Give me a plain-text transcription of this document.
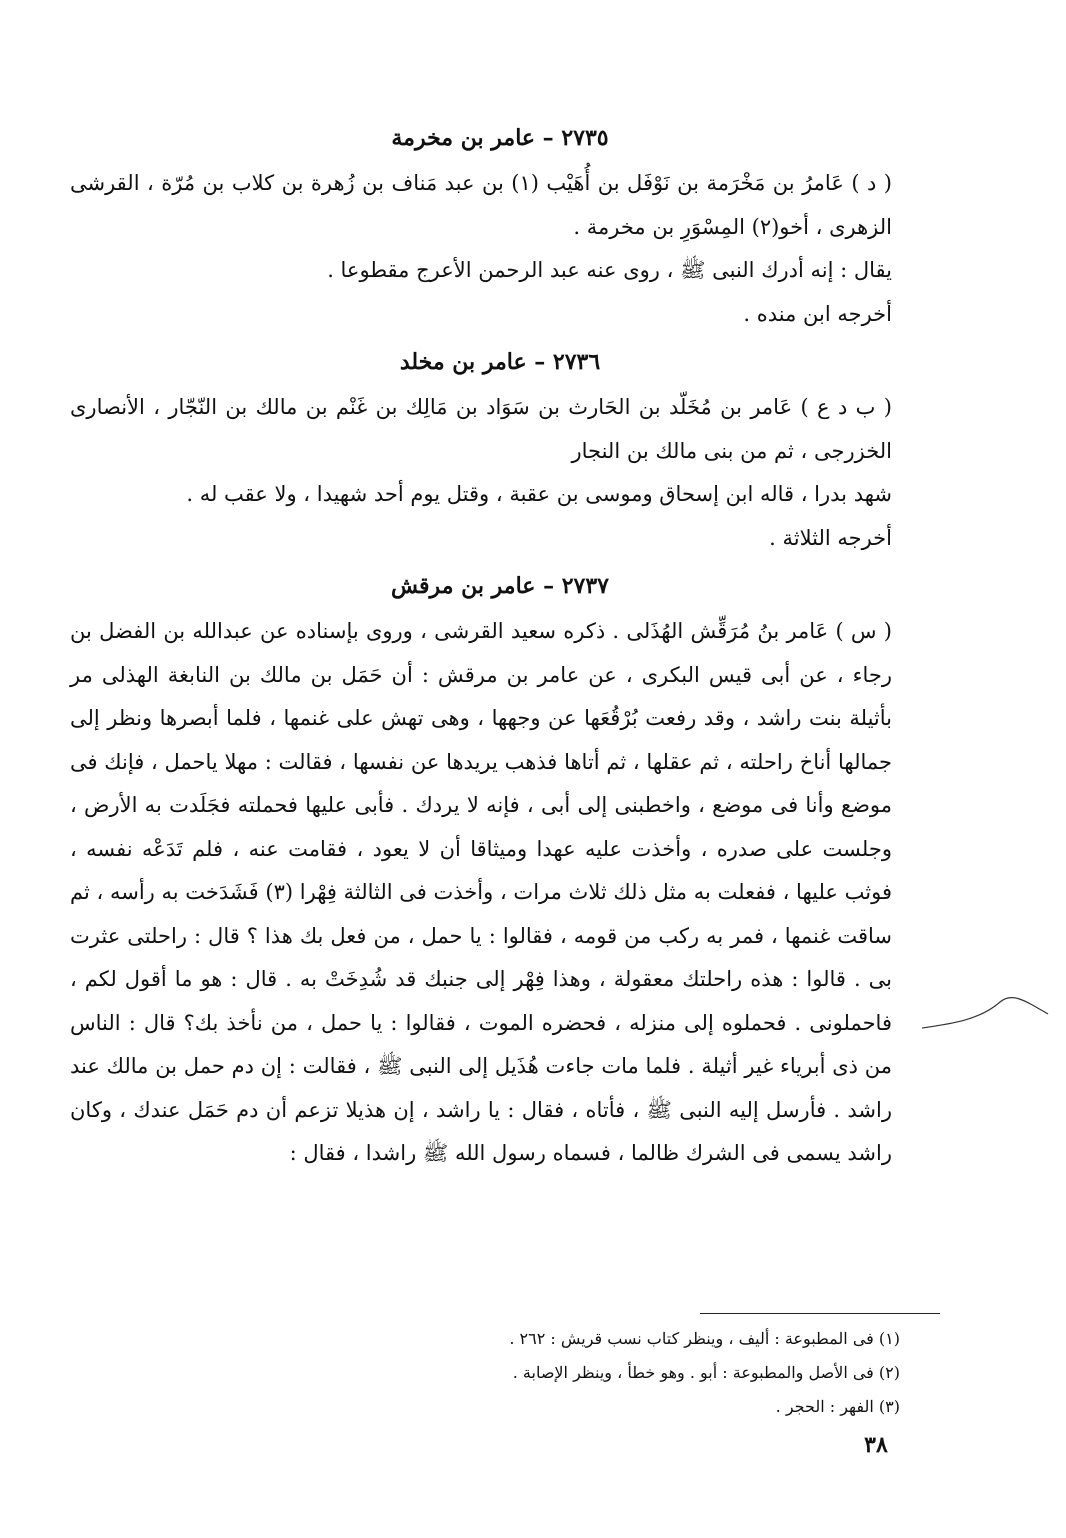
٢٧٣٥ – عامر بن مخرمة

( د ) عَامرُ بن مَخْرَمة بن نَوْفَل بن أُهَيْب (١) بن عبد مَناف بن زُهرة بن كلاب بن مُرّة ، القرشى الزهرى ، أخو(٢) المِسْوَرِ بن مخرمة .

يقال : إنه أدرك النبى ﷺ ، روى عنه عبد الرحمن الأعرج مقطوعا .

أخرجه ابن منده .

٢٧٣٦ – عامر بن مخلد

( ب د ع ) عَامر بن مُخَلّد بن الحَارث بن سَوَاد بن مَالِك بن غَنْم بن مالك بن النّجّار ، الأنصارى الخزرجى ، ثم من بنى مالك بن النجار

شهد بدرا ، قاله ابن إسحاق وموسى بن عقبة ، وقتل يوم أحد شهيدا ، ولا عقب له .

أخرجه الثلاثة .

٢٧٣٧ – عامر بن مرقش

( س ) عَامر بنُ مُرَقِّش الهُذَلى . ذكره سعيد القرشى ، وروى بإسناده عن عبدالله بن الفضل بن رجاء ، عن أبى قيس البكرى ، عن عامر بن مرقش : أن حَمَل بن مالك بن النابغة الهذلى مر بأثيلة بنت راشد ، وقد رفعت بُرْقُعَها عن وجهها ، وهى تهش على غنمها ، فلما أبصرها ونظر إلى جمالها أناخ راحلته ، ثم عقلها ، ثم أتاها فذهب يريدها عن نفسها ، فقالت : مهلا ياحمل ، فإنك فى موضع وأنا فى موضع ، واخطبنى إلى أبى ، فإنه لا يردك . فأبى عليها فحملته فجَلَدت به الأرض ، وجلست على صدره ، وأخذت عليه عهدا وميثاقا أن لا يعود ، فقامت عنه ، فلم تَدَعْه نفسه ، فوثب عليها ، ففعلت به مثل ذلك ثلاث مرات ، وأخذت فى الثالثة فِهْرا (٣) فَشَدَخت به رأسه ، ثم ساقت غنمها ، فمر به ركب من قومه ، فقالوا : يا حمل ، من فعل بك هذا ؟ قال : راحلتى عثرت بى . قالوا : هذه راحلتك معقولة ، وهذا فِهْر إلى جنبك قد شُدِخَتْ به . قال : هو ما أقول لكم ، فاحملونى . فحملوه إلى منزله ، فحضره الموت ، فقالوا : يا حمل ، من نأخذ بك؟ قال : الناس من ذى أبرياء غير أثيلة . فلما مات جاءت هُذَيل إلى النبى ﷺ ، فقالت : إن دم حمل بن مالك عند راشد . فأرسل إليه النبى ﷺ ، فأتاه ، فقال : يا راشد ، إن هذيلا تزعم أن دم حَمَل عندك ، وكان راشد يسمى فى الشرك ظالما ، فسماه رسول الله ﷺ راشدا ، فقال :

(١) فى المطبوعة : أليف ، وينظر كتاب نسب قريش : ٢٦٢ .

(٢) فى الأصل والمطبوعة : أبو . وهو خطأ ، وينظر الإصابة .

(٣) الفهر : الحجر .

٣٨
